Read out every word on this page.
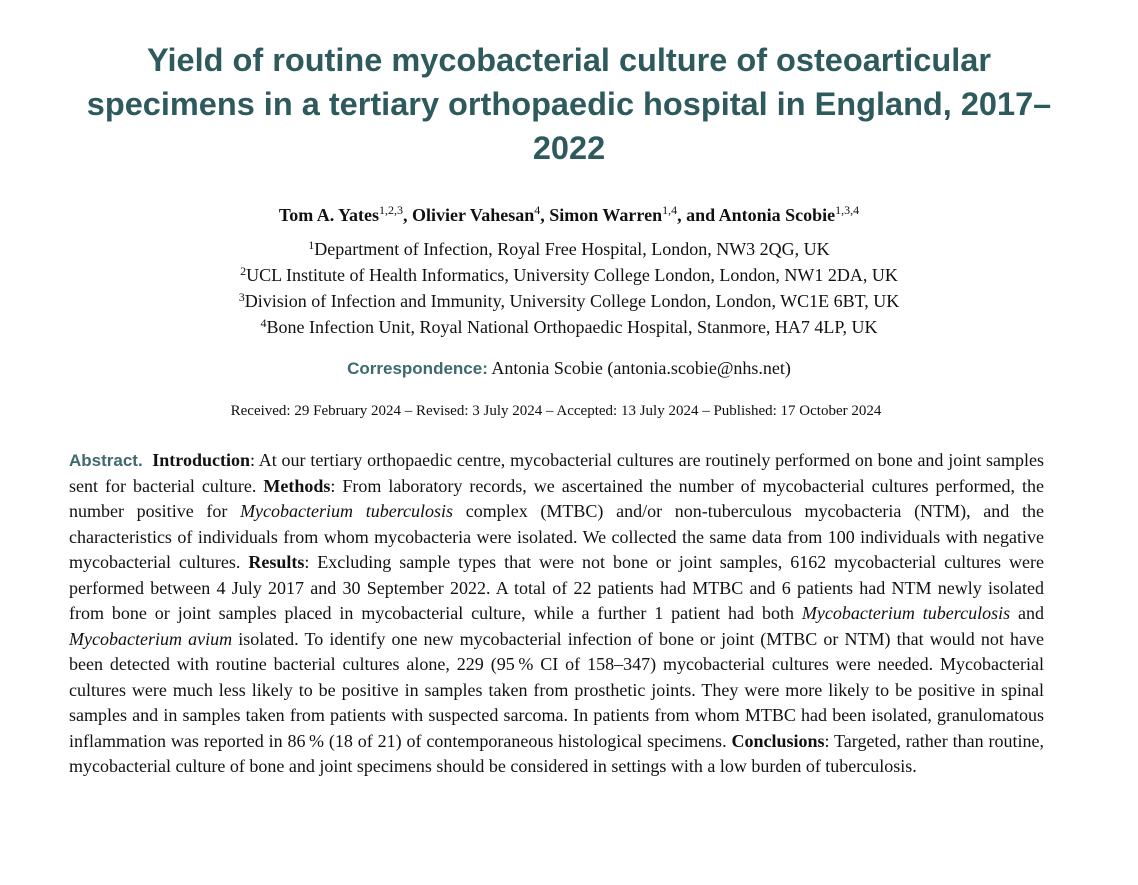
Yield of routine mycobacterial culture of osteoarticular specimens in a tertiary orthopaedic hospital in England, 2017–2022
Tom A. Yates$^{1,2,3}$, Olivier Vahesan$^4$, Simon Warren$^{1,4}$, and Antonia Scobie$^{1,3,4}$
$^1$Department of Infection, Royal Free Hospital, London, NW3 2QG, UK
$^2$UCL Institute of Health Informatics, University College London, London, NW1 2DA, UK
$^3$Division of Infection and Immunity, University College London, London, WC1E 6BT, UK
$^4$Bone Infection Unit, Royal National Orthopaedic Hospital, Stanmore, HA7 4LP, UK
Correspondence: Antonia Scobie (antonia.scobie@nhs.net)
Received: 29 February 2024 – Revised: 3 July 2024 – Accepted: 13 July 2024 – Published: 17 October 2024
Abstract. Introduction: At our tertiary orthopaedic centre, mycobacterial cultures are routinely performed on bone and joint samples sent for bacterial culture. Methods: From laboratory records, we ascertained the number of mycobacterial cultures performed, the number positive for Mycobacterium tuberculosis complex (MTBC) and/or non-tuberculous mycobacteria (NTM), and the characteristics of individuals from whom mycobacteria were isolated. We collected the same data from 100 individuals with negative mycobacterial cultures. Results: Excluding sample types that were not bone or joint samples, 6162 mycobacterial cultures were performed between 4 July 2017 and 30 September 2022. A total of 22 patients had MTBC and 6 patients had NTM newly isolated from bone or joint samples placed in mycobacterial culture, while a further 1 patient had both Mycobacterium tuberculosis and Mycobacterium avium isolated. To identify one new mycobacterial infection of bone or joint (MTBC or NTM) that would not have been detected with routine bacterial cultures alone, 229 (95 % CI of 158–347) mycobacterial cultures were needed. Mycobacterial cultures were much less likely to be positive in samples taken from prosthetic joints. They were more likely to be positive in spinal samples and in samples taken from patients with suspected sarcoma. In patients from whom MTBC had been isolated, granulomatous inflammation was reported in 86 % (18 of 21) of contemporaneous histological specimens. Conclusions: Targeted, rather than routine, mycobacterial culture of bone and joint specimens should be considered in settings with a low burden of tuberculosis.
